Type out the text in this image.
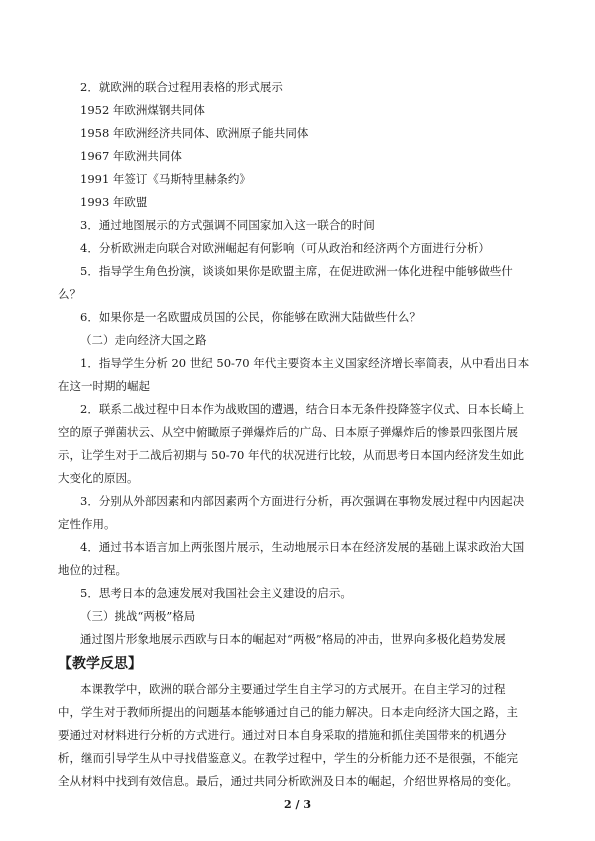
2．就欧洲的联合过程用表格的形式展示
1952 年欧洲煤钢共同体
1958 年欧洲经济共同体、欧洲原子能共同体
1967 年欧洲共同体
1991 年签订《马斯特里赫条约》
1993 年欧盟
3．通过地图展示的方式强调不同国家加入这一联合的时间
4．分析欧洲走向联合对欧洲崛起有何影响（可从政治和经济两个方面进行分析）
5．指导学生角色扮演，谈谈如果你是欧盟主席，在促进欧洲一体化进程中能够做些什
么？
6．如果你是一名欧盟成员国的公民，你能够在欧洲大陆做些什么？
（二）走向经济大国之路
1．指导学生分析 20 世纪 50-70 年代主要资本主义国家经济增长率简表，从中看出日本
在这一时期的崛起
2．联系二战过程中日本作为战败国的遭遇，结合日本无条件投降签字仪式、日本长崎上
空的原子弹菌状云、从空中俯瞰原子弹爆炸后的广岛、日本原子弹爆炸后的惨景四张图片展
示，让学生对于二战后初期与 50-70 年代的状况进行比较，从而思考日本国内经济发生如此
大变化的原因。
3．分别从外部因素和内部因素两个方面进行分析，再次强调在事物发展过程中内因起决
定性作用。
4．通过书本语言加上两张图片展示，生动地展示日本在经济发展的基础上谋求政治大国
地位的过程。
5．思考日本的急速发展对我国社会主义建设的启示。
（三）挑战“两极”格局
通过图片形象地展示西欧与日本的崛起对“两极”格局的冲击，世界向多极化趋势发展
【教学反思】
本课教学中，欧洲的联合部分主要通过学生自主学习的方式展开。在自主学习的过程
中，学生对于教师所提出的问题基本能够通过自己的能力解决。日本走向经济大国之路，主
要通过对材料进行分析的方式进行。通过对日本自身采取的措施和抓住美国带来的机遇分
析，继而引导学生从中寻找借鉴意义。在教学过程中，学生的分析能力还不是很强，不能完
全从材料中找到有效信息。最后，通过共同分析欧洲及日本的崛起，介绍世界格局的变化。
2 / 3
